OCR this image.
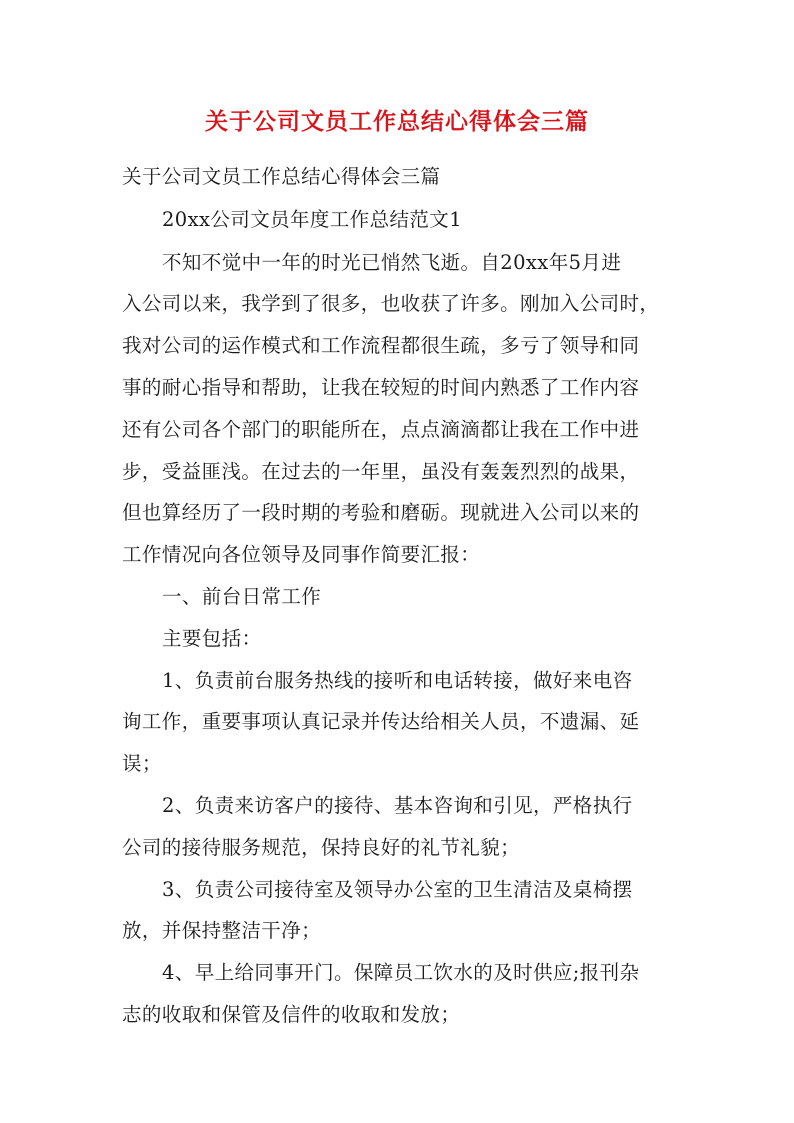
关于公司文员工作总结心得体会三篇
关于公司文员工作总结心得体会三篇
20xx公司文员年度工作总结范文1
不知不觉中一年的时光已悄然飞逝。自20xx年5月进
入公司以来，我学到了很多，也收获了许多。刚加入公司时，
我对公司的运作模式和工作流程都很生疏，多亏了领导和同
事的耐心指导和帮助，让我在较短的时间内熟悉了工作内容
还有公司各个部门的职能所在，点点滴滴都让我在工作中进
步，受益匪浅。在过去的一年里，虽没有轰轰烈烈的战果，
但也算经历了一段时期的考验和磨砺。现就进入公司以来的
工作情况向各位领导及同事作简要汇报：
一、前台日常工作
主要包括：
1、负责前台服务热线的接听和电话转接，做好来电咨
询工作，重要事项认真记录并传达给相关人员，不遗漏、延
误；
2、负责来访客户的接待、基本咨询和引见，严格执行
公司的接待服务规范，保持良好的礼节礼貌；
3、负责公司接待室及领导办公室的卫生清洁及桌椅摆
放，并保持整洁干净；
4、早上给同事开门。保障员工饮水的及时供应;报刊杂
志的收取和保管及信件的收取和发放；
